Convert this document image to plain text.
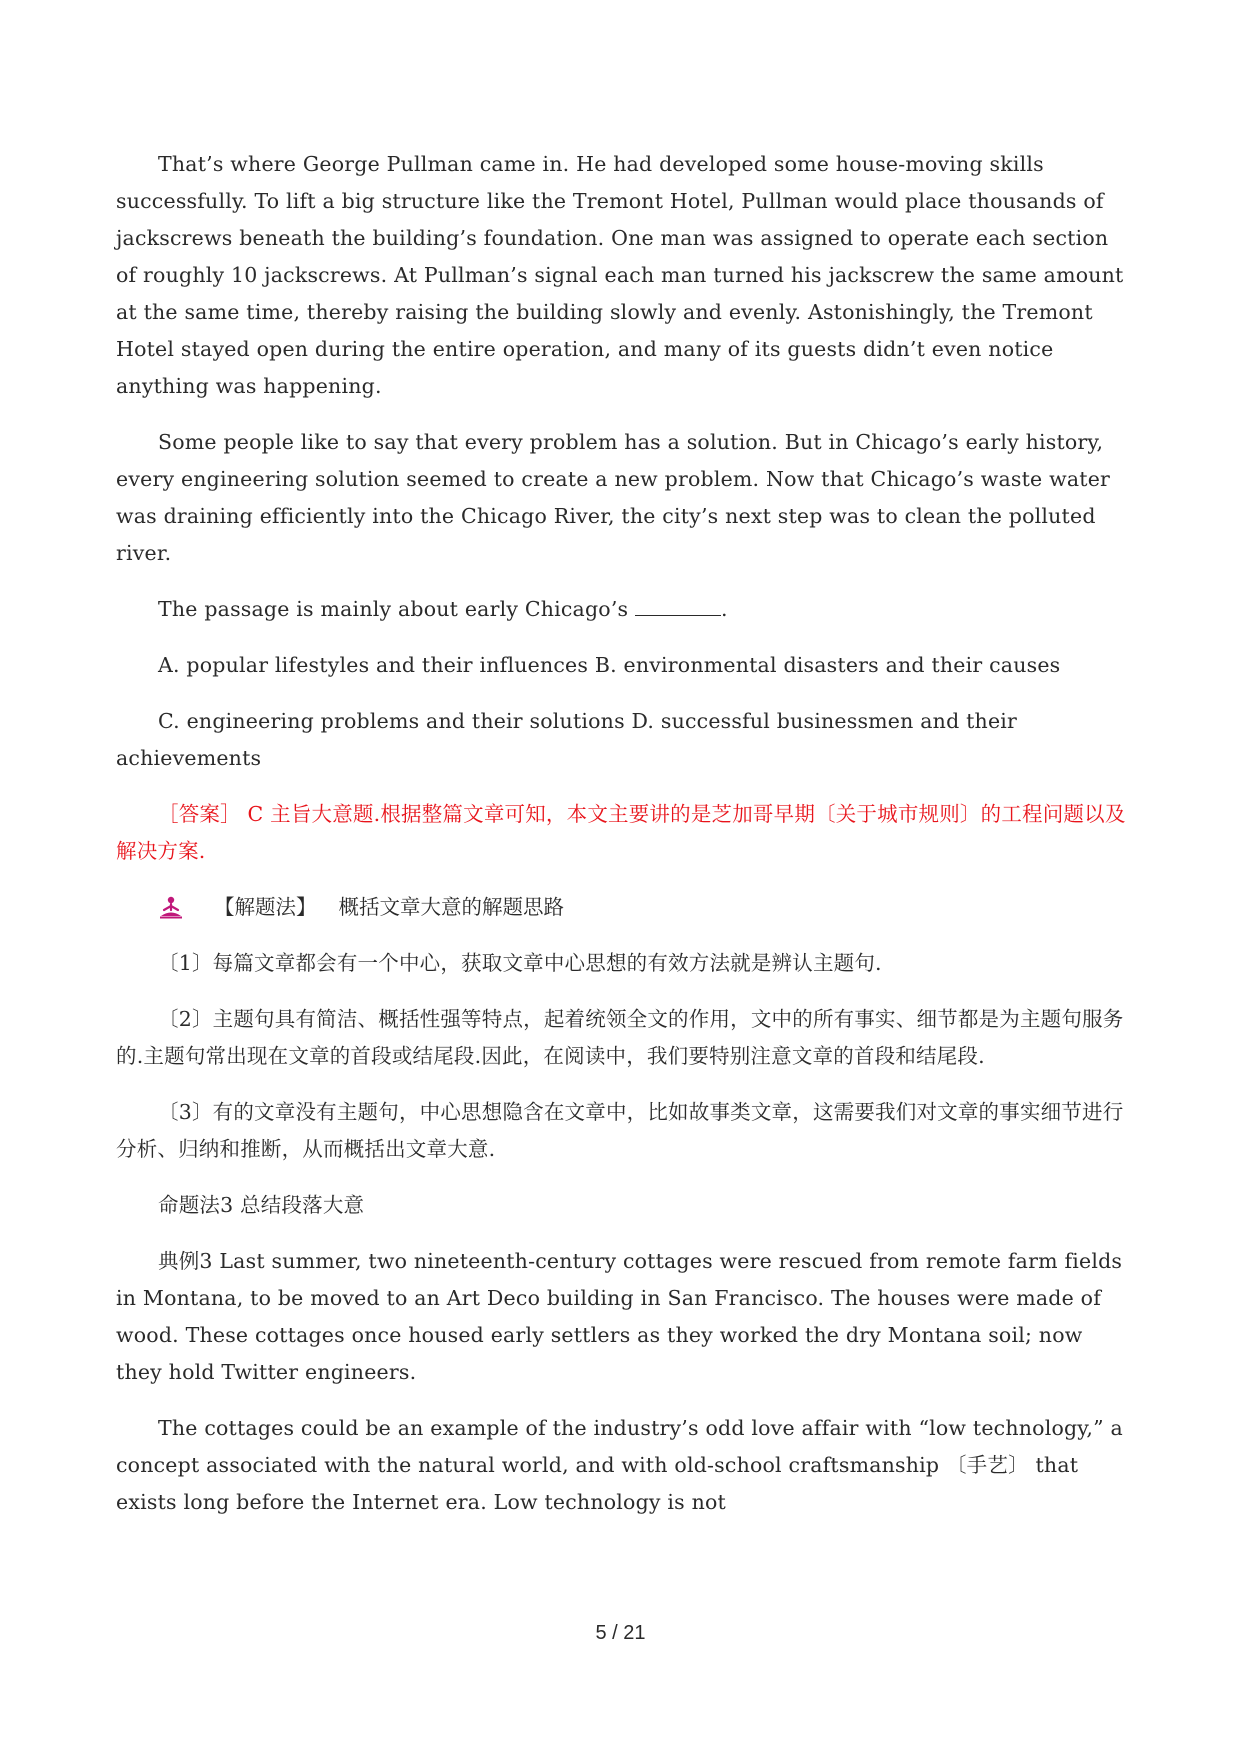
That’s where George Pullman came in. He had developed some house-moving skills successfully. To lift a big structure like the Tremont Hotel, Pullman would place thousands of jackscrews beneath the building’s foundation. One man was assigned to operate each section of roughly 10 jackscrews. At Pullman’s signal each man turned his jackscrew the same amount at the same time, thereby raising the building slowly and evenly. Astonishingly, the Tremont Hotel stayed open during the entire operation, and many of its guests didn’t even notice anything was happening.

Some people like to say that every problem has a solution. But in Chicago’s early history, every engineering solution seemed to create a new problem. Now that Chicago’s waste water was draining efficiently into the Chicago River, the city’s next step was to clean the polluted river.

The passage is mainly about early Chicago’s	.

A. popular lifestyles and their influences B. environmental disasters and their causes

C. engineering problems and their solutions D. successful businessmen and their achievements

［答案］ C 主旨大意题.根据整篇文章可知，本文主要讲的是芝加哥早期〔关于城市规则〕的工程问题以及解决方案.

【解题法】 概括文章大意的解题思路

〔1〕每篇文章都会有一个中心，获取文章中心思想的有效方法就是辨认主题句.

〔2〕主题句具有简洁、概括性强等特点，起着统领全文的作用，文中的所有事实、细节都是为主题句服务的.主题句常出现在文章的首段或结尾段.因此，在阅读中，我们要特别注意文章的首段和结尾段.

〔3〕有的文章没有主题句，中心思想隐含在文章中，比如故事类文章，这需要我们对文章的事实细节进行分析、归纳和推断，从而概括出文章大意.

命题法3 总结段落大意

典例3 Last summer, two nineteenth-century cottages were rescued from remote farm fields in Montana, to be moved to an Art Deco building in San Francisco. The houses were made of wood. These cottages once housed early settlers as they worked the dry Montana soil; now they hold Twitter engineers.

The cottages could be an example of the industry’s odd love affair with “low technology,” a concept associated with the natural world, and with old-school craftsmanship 〔手艺〕 that exists long before the Internet era. Low technology is not

5 / 21
